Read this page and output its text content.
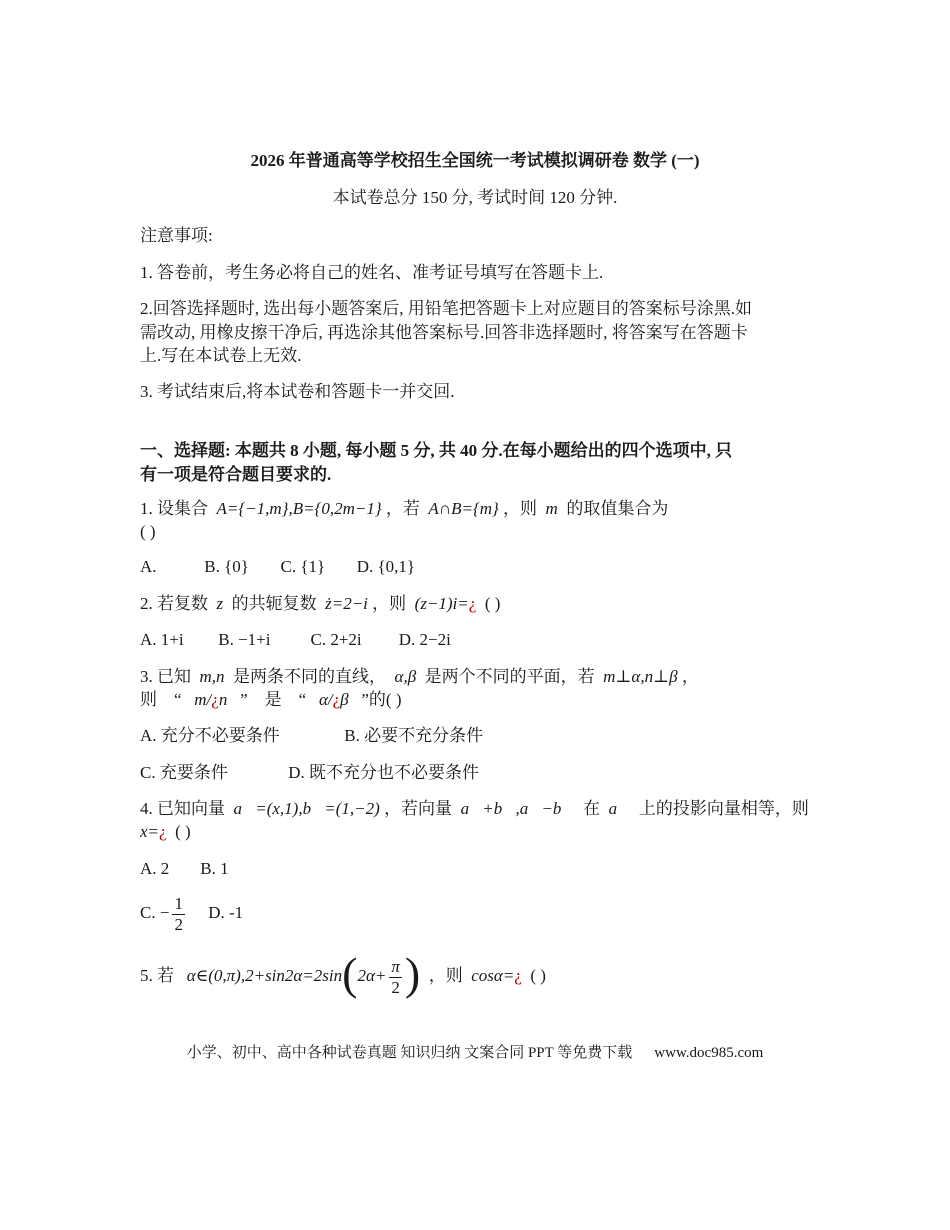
2026 年普通高等学校招生全国统一考试模拟调研卷 数学 (一)
本试卷总分 150 分, 考试时间 120 分钟.
注意事项:
1. 答卷前，考生务必将自己的姓名、准考证号填写在答题卡上.
2.回答选择题时, 选出每小题答案后, 用铅笔把答题卡上对应题目的答案标号涂黑.如
需改动, 用橡皮擦干净后, 再选涂其他答案标号.回答非选择题时, 将答案写在答题卡
上.写在本试卷上无效.
3. 考试结束后,将本试卷和答题卡一并交回.
一、选择题: 本题共 8 小题, 每小题 5 分, 共 40 分.在每小题给出的四个选项中, 只
有一项是符合题目要求的.
1. 设集合 A={−1,m},B={0,2m−1} ，若 A∩B={m} ，则 m 的取值集合为
( )
A.	B. {0} C. {1} D. {0,1}
2. 若复数 z 的共轭复数 ż=2−i ，则 (z−1)i=¿ ( )
A. 1+i B. −1+i C. 2+2i D. 2−2i
3. 已知 m,n 是两条不同的直线， α,β 是两个不同的平面，若 m⊥α,n⊥β ，
则 “ m/¿n ” 是 “ α/¿β ”的( )
A. 充分不必要条件	B. 必要不充分条件
C. 充要条件	D. 既不充分也不必要条件
4. 已知向量 a⃗=(x,1),b⃗=(1,−2) ，若向量 a⃗+b⃗,a⃗−b⃗ 在 a⃗ 上的投影向量相等，则
x=¿ ( )
A. 2 B. 1
C. − $\frac{1}{2} D$. -1
5. 若 α∈(0,π),2+sin2α=2sin(2α+ $\frac{\pi}{2}$ ) ，则 cosα=¿ ( )
小学、初中、高中各种试卷真题 知识归纳 文案合同 PPT 等免费下载 www.doc985.com
